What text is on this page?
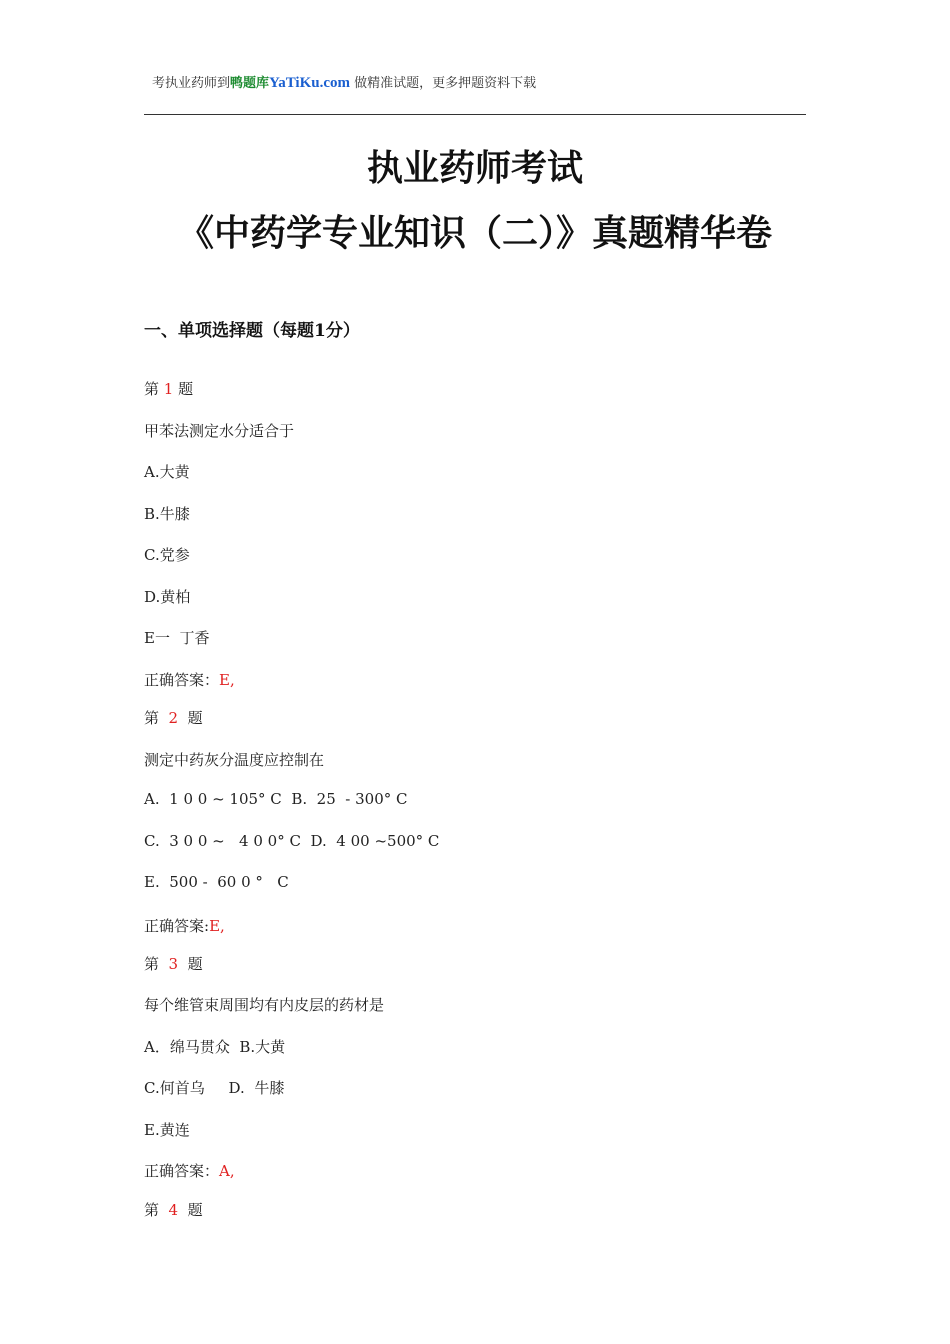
考执业药师到鸭题库YaTiKu.com 做精准试题，更多押题资料下载
执业药师考试
《中药学专业知识（二）》真题精华卷
一、单项选择题（每题1分）
第 1 题
甲苯法测定水分适合于
A.大黄
B.牛膝
C.党参
D.黄柏
E一  丁香
正确答案：E,
第  2  题
测定中药灰分温度应控制在
A.  1 0 0 ~ 105° C  B.  25  - 300° C
C.  3 0 0 ~   4 0 0° C  D.  4 00 ~500° C
E.  500 -  60 0 °   C
正确答案:E,
第  3  题
每个维管束周围均有内皮层的药材是
A．绵马贯众  B.大黄
C.何首乌     D.  牛膝
E.黄连
正确答案：A,
第  4  题
